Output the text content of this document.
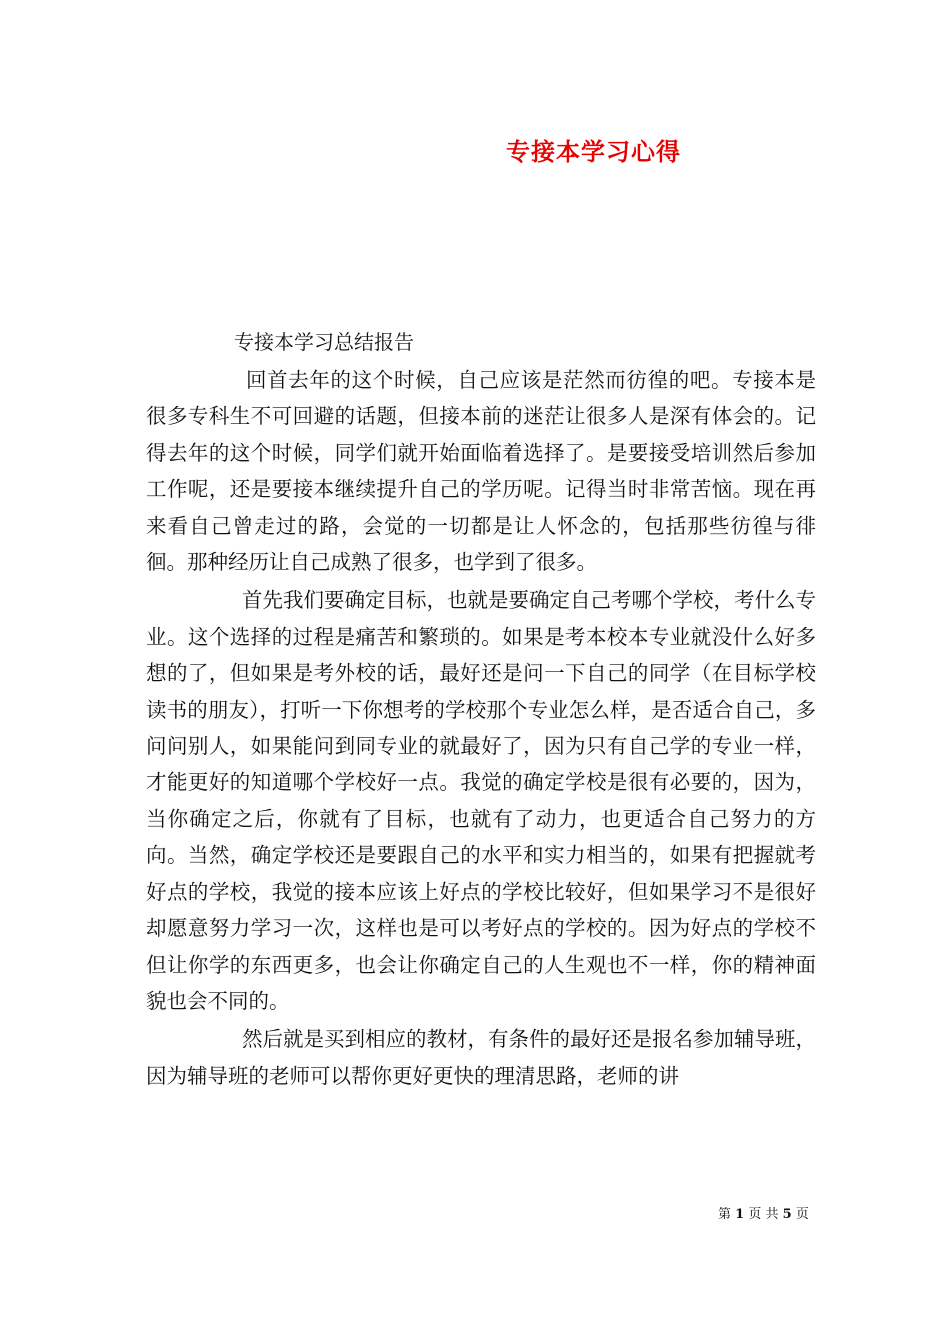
专接本学习心得
专接本学习总结报告

回首去年的这个时候，自己应该是茫然而彷徨的吧。专接本是很多专科生不可回避的话题，但接本前的迷茫让很多人是深有体会的。记得去年的这个时候，同学们就开始面临着选择了。是要接受培训然后参加工作呢，还是要接本继续提升自己的学历呢。记得当时非常苦恼。现在再来看自己曾走过的路，会觉的一切都是让人怀念的，包括那些彷徨与徘徊。那种经历让自己成熟了很多，也学到了很多。

首先我们要确定目标，也就是要确定自己考哪个学校，考什么专业。这个选择的过程是痛苦和繁琐的。如果是考本校本专业就没什么好多想的了，但如果是考外校的话，最好还是问一下自己的同学（在目标学校读书的朋友），打听一下你想考的学校那个专业怎么样，是否适合自己，多问问别人，如果能问到同专业的就最好了，因为只有自己学的专业一样，才能更好的知道哪个学校好一点。我觉的确定学校是很有必要的，因为，当你确定之后，你就有了目标，也就有了动力，也更适合自己努力的方向。当然，确定学校还是要跟自己的水平和实力相当的，如果有把握就考好点的学校，我觉的接本应该上好点的学校比较好，但如果学习不是很好却愿意努力学习一次，这样也是可以考好点的学校的。因为好点的学校不但让你学的东西更多，也会让你确定自己的人生观也不一样，你的精神面貌也会不同的。

然后就是买到相应的教材，有条件的最好还是报名参加辅导班，因为辅导班的老师可以帮你更好更快的理清思路，老师的讲

第 1 页 共 5 页
